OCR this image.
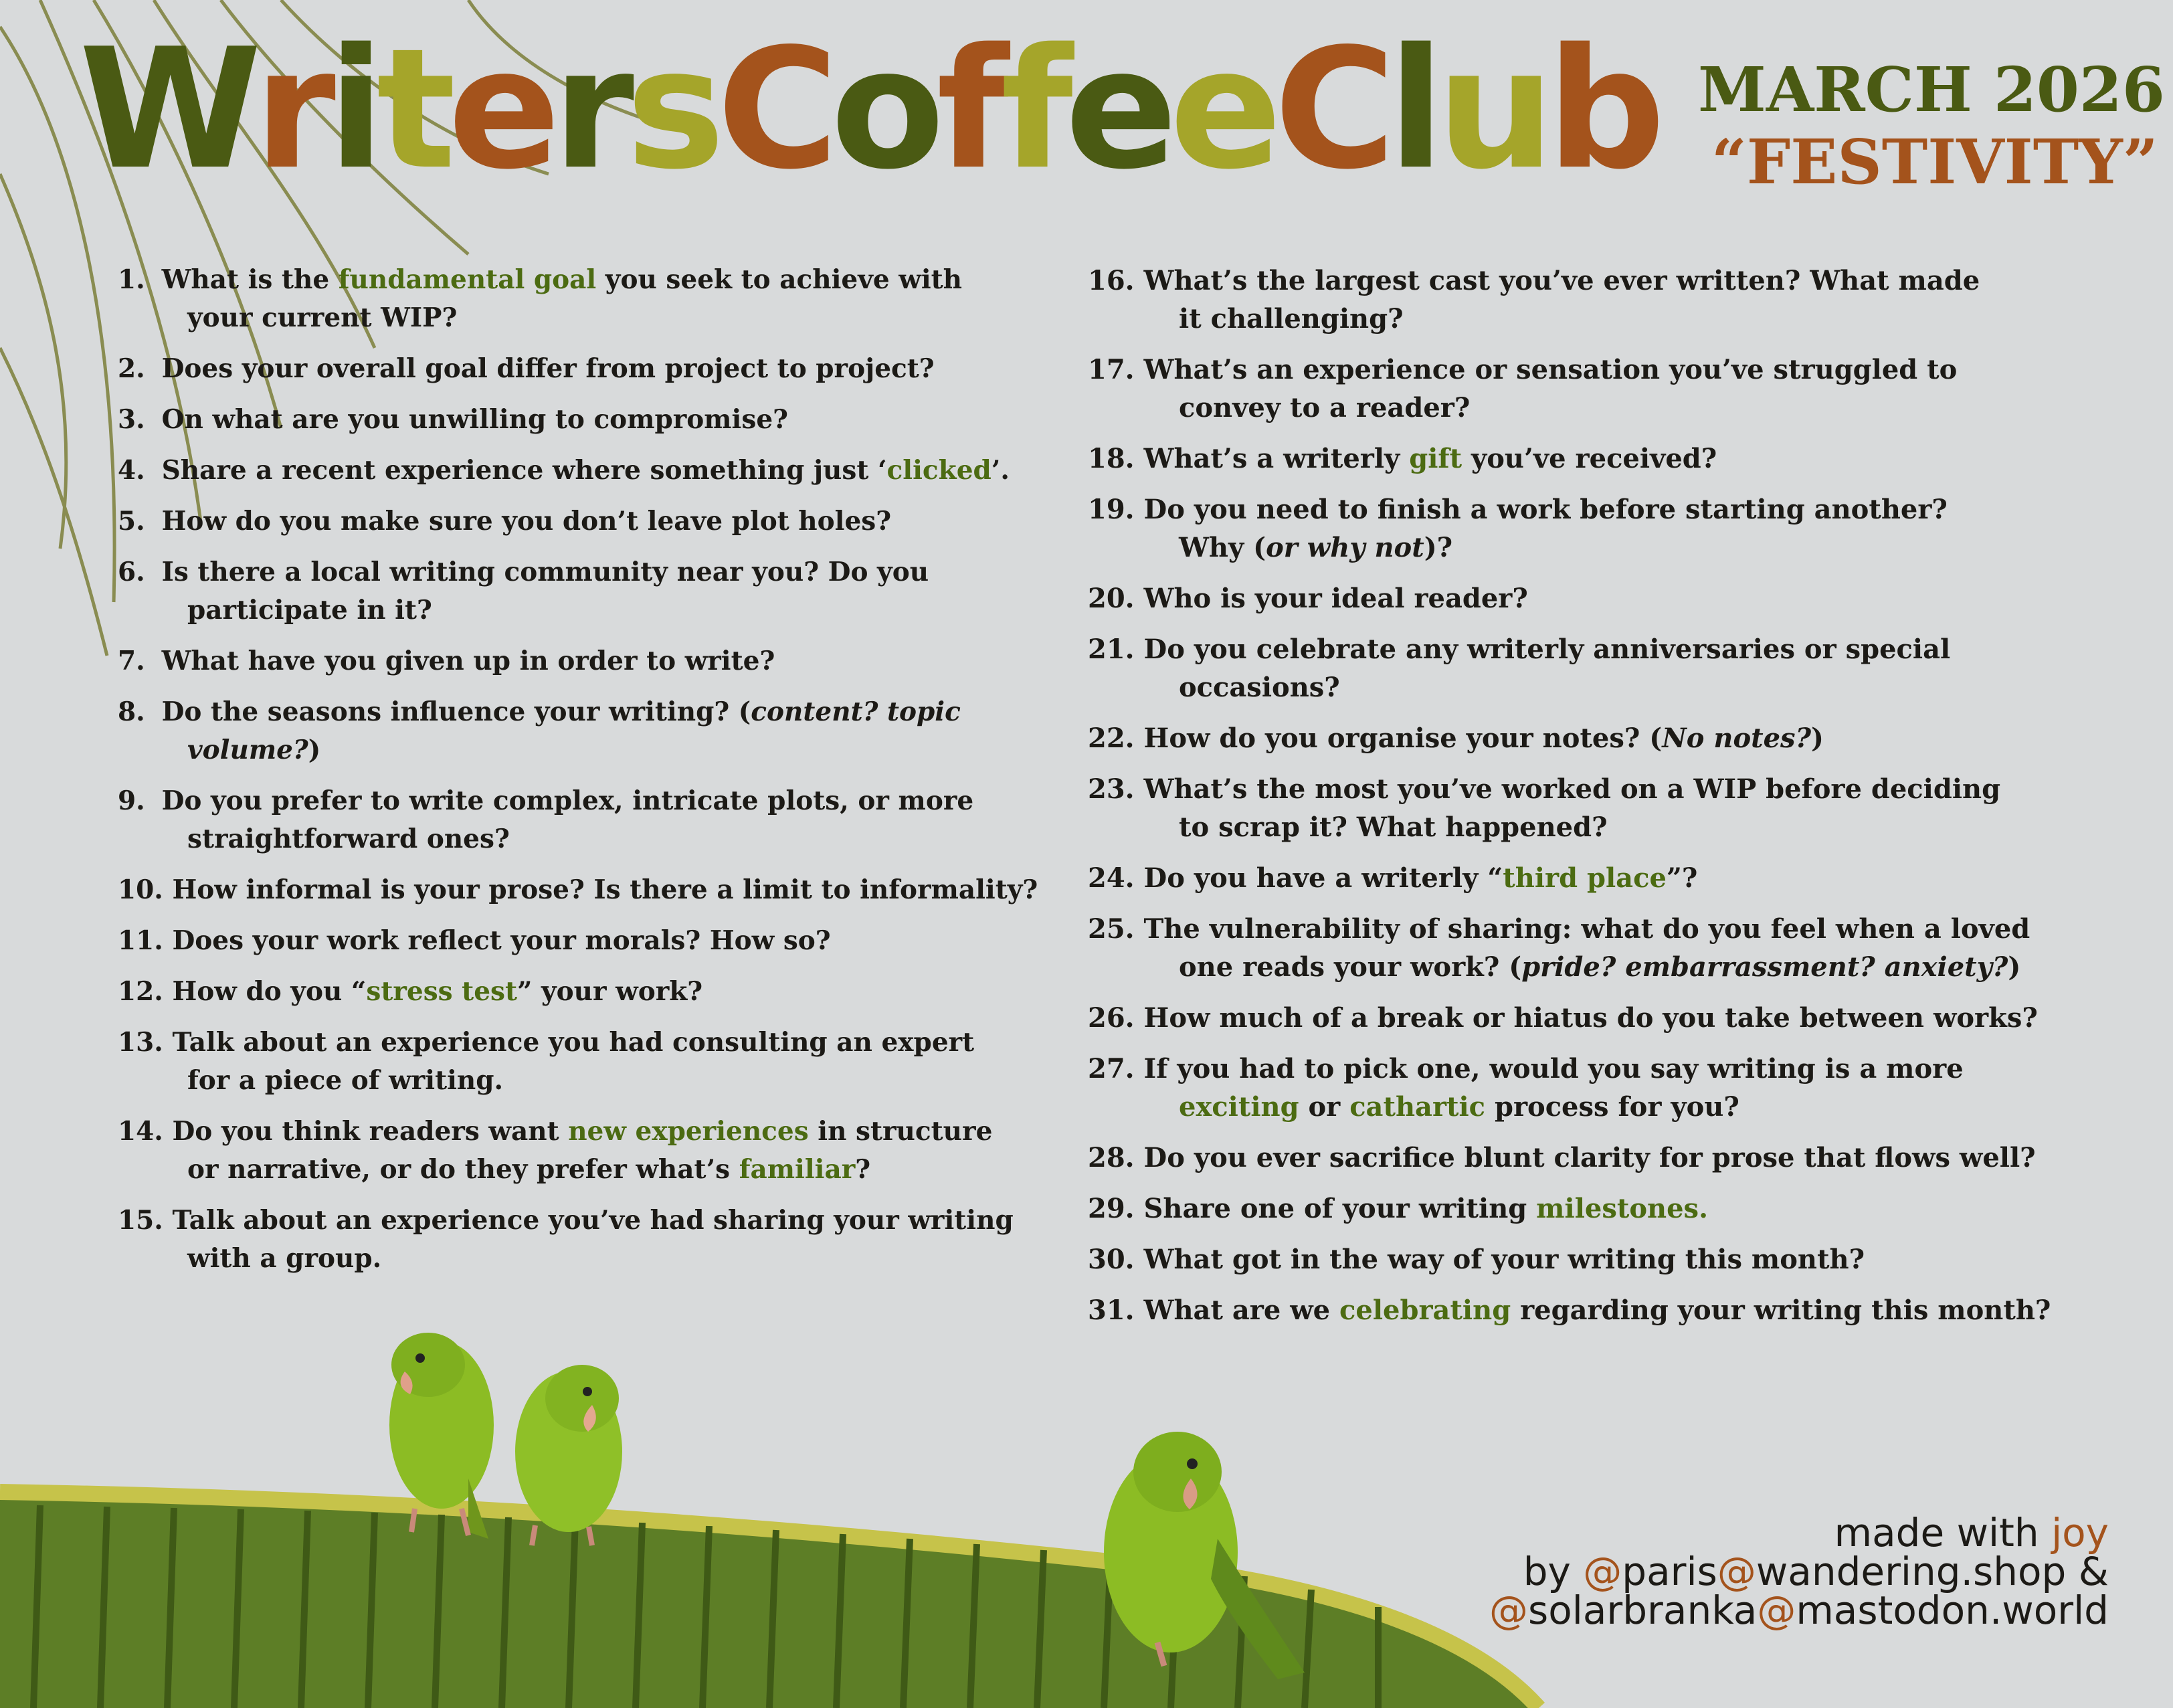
WritersCoffeeClub MARCH 2026
“FESTIVITY”
1. What is the fundamental goal you seek to achieve with
your current WIP?
2. Does your overall goal differ from project to project?
3. On what are you unwilling to compromise?
4. Share a recent experience where something just ‘clicked’.
5. How do you make sure you don’t leave plot holes?
6. Is there a local writing community near you? Do you
participate in it?
7. What have you given up in order to write?
8. Do the seasons influence your writing? (content? topic
volume?)
9. Do you prefer to write complex, intricate plots, or more
straightforward ones?
10. How informal is your prose? Is there a limit to informality?
11. Does your work reflect your morals? How so?
12. How do you “stress test” your work?
13. Talk about an experience you had consulting an expert
for a piece of writing.
14. Do you think readers want new experiences in structure
or narrative, or do they prefer what’s familiar?
15. Talk about an experience you’ve had sharing your writing
with a group.
16. What’s the largest cast you’ve ever written? What made
it challenging?
17. What’s an experience or sensation you’ve struggled to
convey to a reader?
18. What’s a writerly gift you’ve received?
19. Do you need to finish a work before starting another?
Why (or why not)?
20. Who is your ideal reader?
21. Do you celebrate any writerly anniversaries or special
occasions?
22. How do you organise your notes? (No notes?)
23. What’s the most you’ve worked on a WIP before deciding
to scrap it? What happened?
24. Do you have a writerly “third place”?
25. The vulnerability of sharing: what do you feel when a loved
one reads your work? (pride? embarrassment? anxiety?)
26. How much of a break or hiatus do you take between works?
27. If you had to pick one, would you say writing is a more
exciting or cathartic process for you?
28. Do you ever sacrifice blunt clarity for prose that flows well?
29. Share one of your writing milestones.
30. What got in the way of your writing this month?
31. What are we celebrating regarding your writing this month?
made with joy
by @paris@wandering.shop &
@solarbranka@mastodon.world
